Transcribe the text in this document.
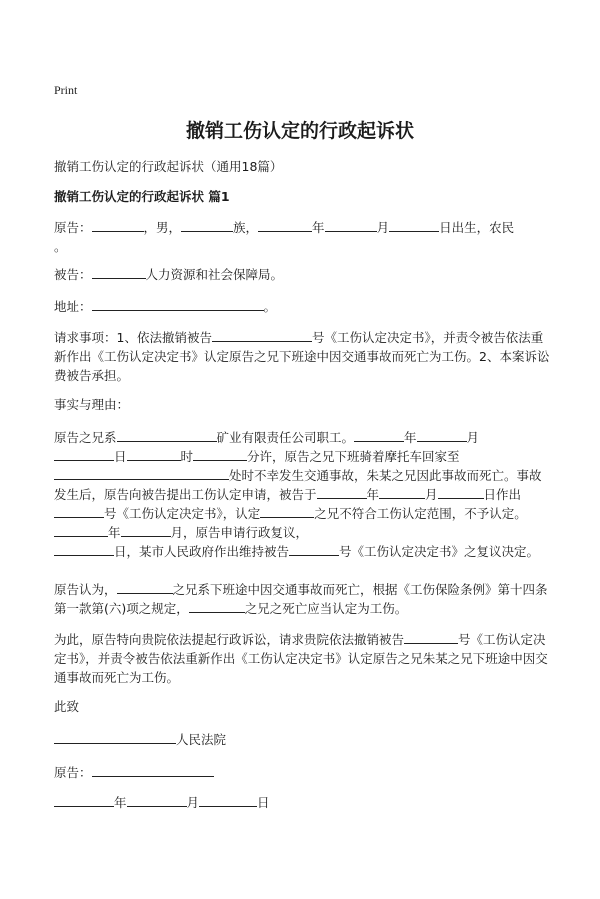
Print
撤销工伤认定的行政起诉状
撤销工伤认定的行政起诉状（通用18篇）
撤销工伤认定的行政起诉状 篇1

原告：	，男，	族，	年	月	日出生，农民
。

被告：	人力资源和社会保障局。

地址：	。

请求事项：1、依法撤销被告	号《工伤认定决定书》，并责令被告依法重新作出《工伤认定决定书》认定原告之兄下班途中因交通事故而死亡为工伤。2、本案诉讼费被告承担。

事实与理由：

原告之兄系	矿业有限责任公司职工。	年	月
日	时	分许，原告之兄下班骑着摩托车回家至
处时不幸发生交通事故，朱某之兄因此事故而死亡。事故发生后，原告向被告提出工伤认定申请，被告于	年	月	日作出号《工伤认定决定书》，认定	之兄不符合工伤认定范围，不予认定。年	月，原告申请行政复议，
日，某市人民政府作出维持被告	号《工伤认定决定书》之复议决定。

原告认为，	之兄系下班途中因交通事故而死亡，根据《工伤保险条例》第十四条第一款第(六)项之规定，	之兄之死亡应当认定为工伤。

为此，原告特向贵院依法提起行政诉讼，请求贵院依法撤销被告	号《工伤认定决定书》，并责令被告依法重新作出《工伤认定决定书》认定原告之兄朱某之兄下班途中因交通事故而死亡为工伤。

此致

人民法院

原告：

年	月	日
